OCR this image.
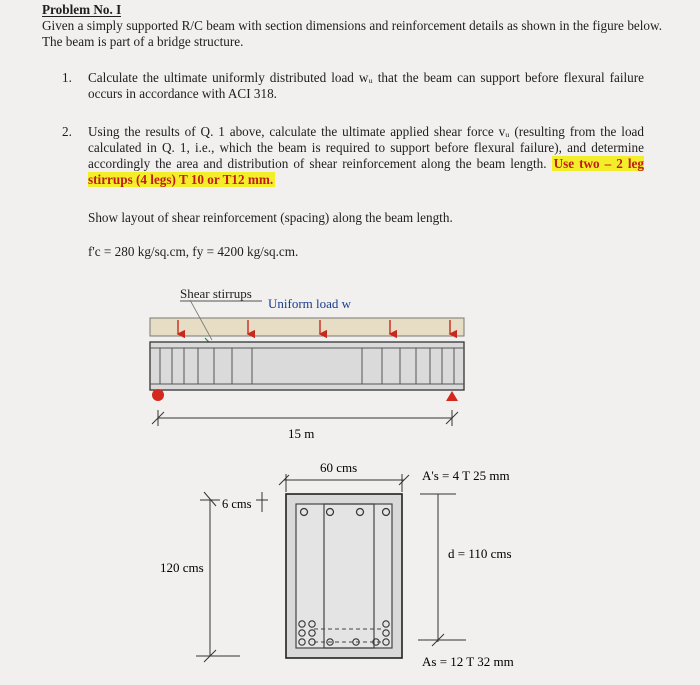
Problem No. I
Given a simply supported R/C beam with section dimensions and reinforcement details as shown in the figure below. The beam is part of a bridge structure.
1. Calculate the ultimate uniformly distributed load wᵤ that the beam can support before flexural failure occurs in accordance with ACI 318.
2. Using the results of Q. 1 above, calculate the ultimate applied shear force vᵤ (resulting from the load calculated in Q. 1, i.e., which the beam is required to support before flexural failure), and determine accordingly the area and distribution of shear reinforcement along the beam length. Use two – 2 leg stirrups (4 legs) T 10 or T12 mm.
Show layout of shear reinforcement (spacing) along the beam length.
f'c = 280 kg/sq.cm, fy = 4200 kg/sq.cm.
Shear stirrups
Uniform load w
15 m
60 cms
6 cms
120 cms
d = 110 cms
A's = 4 T 25 mm
As = 12 T 32 mm
